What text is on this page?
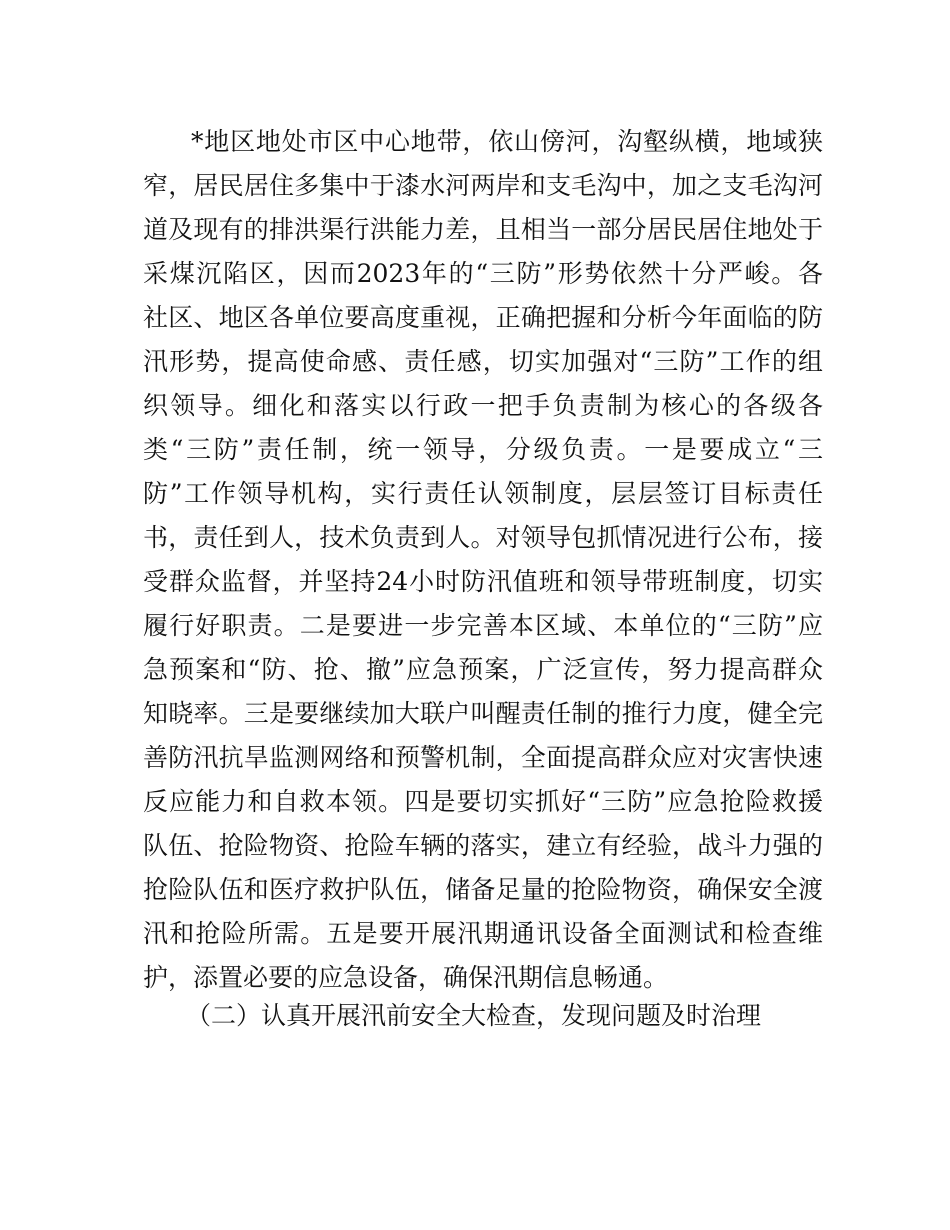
*地区地处市区中心地带，依山傍河，沟壑纵横，地域狭
窄，居民居住多集中于漆水河两岸和支毛沟中，加之支毛沟河
道及现有的排洪渠行洪能力差，且相当一部分居民居住地处于
采煤沉陷区，因而2023年的“三防”形势依然十分严峻。各
社区、地区各单位要高度重视，正确把握和分析今年面临的防
汛形势，提高使命感、责任感，切实加强对“三防”工作的组
织领导。细化和落实以行政一把手负责制为核心的各级各
类“三防”责任制，统一领导，分级负责。一是要成立“三
防”工作领导机构，实行责任认领制度，层层签订目标责任
书，责任到人，技术负责到人。对领导包抓情况进行公布，接
受群众监督，并坚持24小时防汛值班和领导带班制度，切实
履行好职责。二是要进一步完善本区域、本单位的“三防”应
急预案和“防、抢、撤”应急预案，广泛宣传，努力提高群众
知晓率。三是要继续加大联户叫醒责任制的推行力度，健全完
善防汛抗旱监测网络和预警机制，全面提高群众应对灾害快速
反应能力和自救本领。四是要切实抓好“三防”应急抢险救援
队伍、抢险物资、抢险车辆的落实，建立有经验，战斗力强的
抢险队伍和医疗救护队伍，储备足量的抢险物资，确保安全渡
汛和抢险所需。五是要开展汛期通讯设备全面测试和检查维
护，添置必要的应急设备，确保汛期信息畅通。
（二）认真开展汛前安全大检查，发现问题及时治理
